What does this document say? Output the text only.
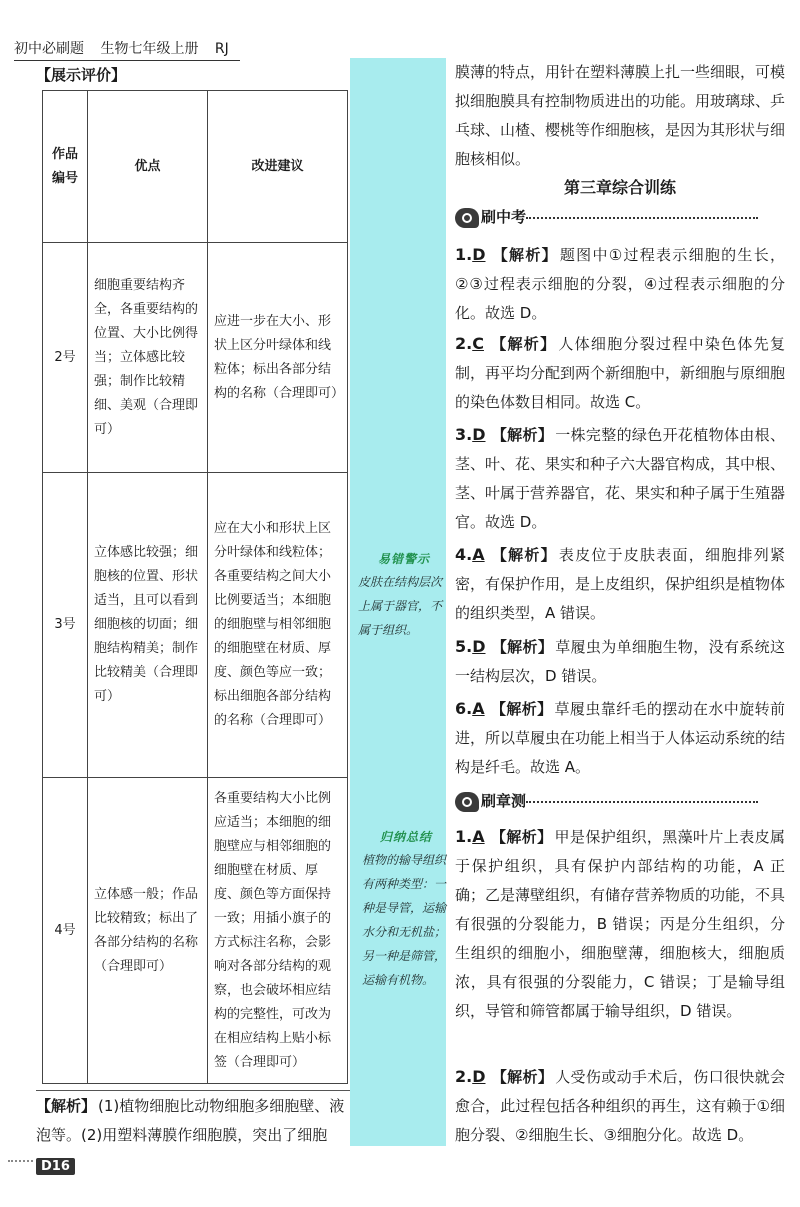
初中必刷题 生物七年级上册 RJ
【展示评价】
作品编号	优点	改进建议
2号	细胞重要结构齐全，各重要结构的位置、大小比例得当；立体感比较强；制作比较精细、美观（合理即可）	应进一步在大小、形状上区分叶绿体和线粒体；标出各部分结构的名称（合理即可）
3号	立体感比较强；细胞核的位置、形状适当，且可以看到细胞核的切面；细胞结构精美；制作比较精美（合理即可）	应在大小和形状上区分叶绿体和线粒体；各重要结构之间大小比例要适当；本细胞的细胞壁与相邻细胞的细胞壁在材质、厚度、颜色等应一致；标出细胞各部分结构的名称（合理即可）
4号	立体感一般；作品比较精致；标出了各部分结构的名称（合理即可）	各重要结构大小比例应适当；本细胞的细胞壁应与相邻细胞的细胞壁在材质、厚度、颜色等方面保持一致；用插小旗子的方式标注名称，会影响对各部分结构的观察，也会破坏相应结构的完整性，可改为在相应结构上贴小标签（合理即可）
【解析】 (1)植物细胞比动物细胞多细胞壁、液泡等。(2)用塑料薄膜作细胞膜，突出了细胞
D16
易错警示
皮肤在结构层次上属于器官，不属于组织。
归纳总结
植物的输导组织有两种类型：一种是导管，运输水分和无机盐；另一种是筛管，运输有机物。
膜薄的特点，用针在塑料薄膜上扎一些细眼，可模拟细胞膜具有控制物质进出的功能。用玻璃球、乒乓球、山楂、樱桃等作细胞核，是因为其形状与细胞核相似。
第三章综合训练
刷中考
1.D 【解析】 题图中①过程表示细胞的生长，②③过程表示细胞的分裂，④过程表示细胞的分化。故选 D。
2.C 【解析】 人体细胞分裂过程中染色体先复制，再平均分配到两个新细胞中，新细胞与原细胞的染色体数目相同。故选 C。
3.D 【解析】 一株完整的绿色开花植物体由根、茎、叶、花、果实和种子六大器官构成，其中根、茎、叶属于营养器官，花、果实和种子属于生殖器官。故选 D。
4.A 【解析】 表皮位于皮肤表面，细胞排列紧密，有保护作用，是上皮组织，保护组织是植物体的组织类型，A 错误。
5.D 【解析】 草履虫为单细胞生物，没有系统这一结构层次，D 错误。
6.A 【解析】 草履虫靠纤毛的摆动在水中旋转前进，所以草履虫在功能上相当于人体运动系统的结构是纤毛。故选 A。
刷章测
1.A 【解析】 甲是保护组织，黑藻叶片上表皮属于保护组织，具有保护内部结构的功能，A 正确；乙是薄壁组织，有储存营养物质的功能，不具有很强的分裂能力，B 错误；丙是分生组织，分生组织的细胞小，细胞壁薄，细胞核大，细胞质浓，具有很强的分裂能力，C 错误；丁是输导组织，导管和筛管都属于输导组织，D 错误。
2.D 【解析】 人受伤或动手术后，伤口很快就会愈合，此过程包括各种组织的再生，这有赖于①细胞分裂、②细胞生长、③细胞分化。故选 D。
